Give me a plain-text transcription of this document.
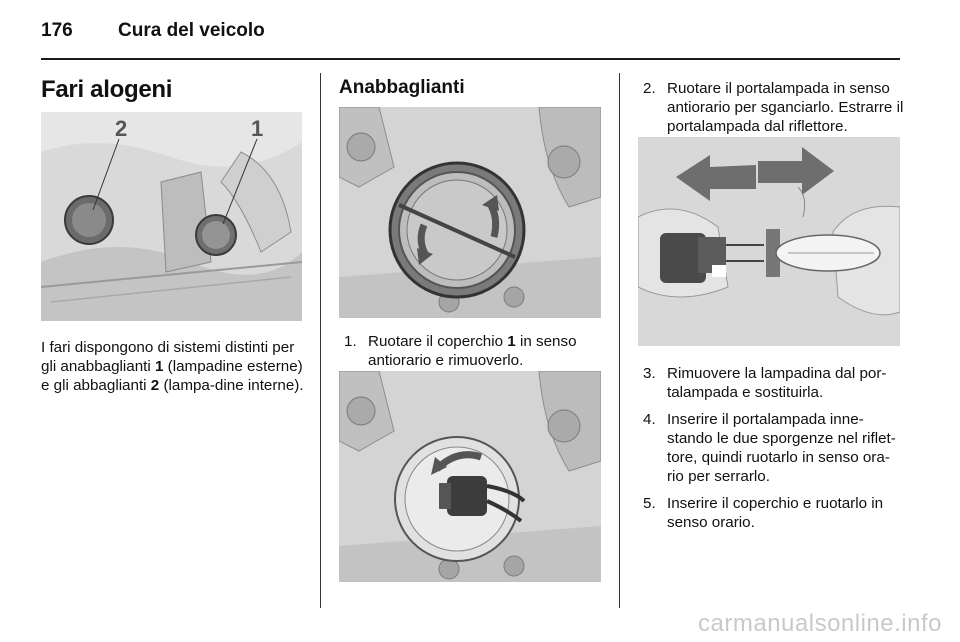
176 Cura del veicolo
Fari alogeni
2	1
I fari dispongono di sistemi distinti per gli anabbaglianti 1 (lampadine esterne) e gli abbaglianti 2 (lampa-dine interne).
Anabbaglianti
1. Ruotare il coperchio 1 in senso antiorario e rimuoverlo.
2. Ruotare il portalampada in senso antiorario per sganciarlo. Estrarre il portalampada dal riflettore.
3. Rimuovere la lampadina dal por-talampada e sostituirla.
4. Inserire il portalampada inne-stando le due sporgenze nel riflet-tore, quindi ruotarlo in senso ora-rio per serrarlo.
5. Inserire il coperchio e ruotarlo in senso orario.
carmanualsonline.info
